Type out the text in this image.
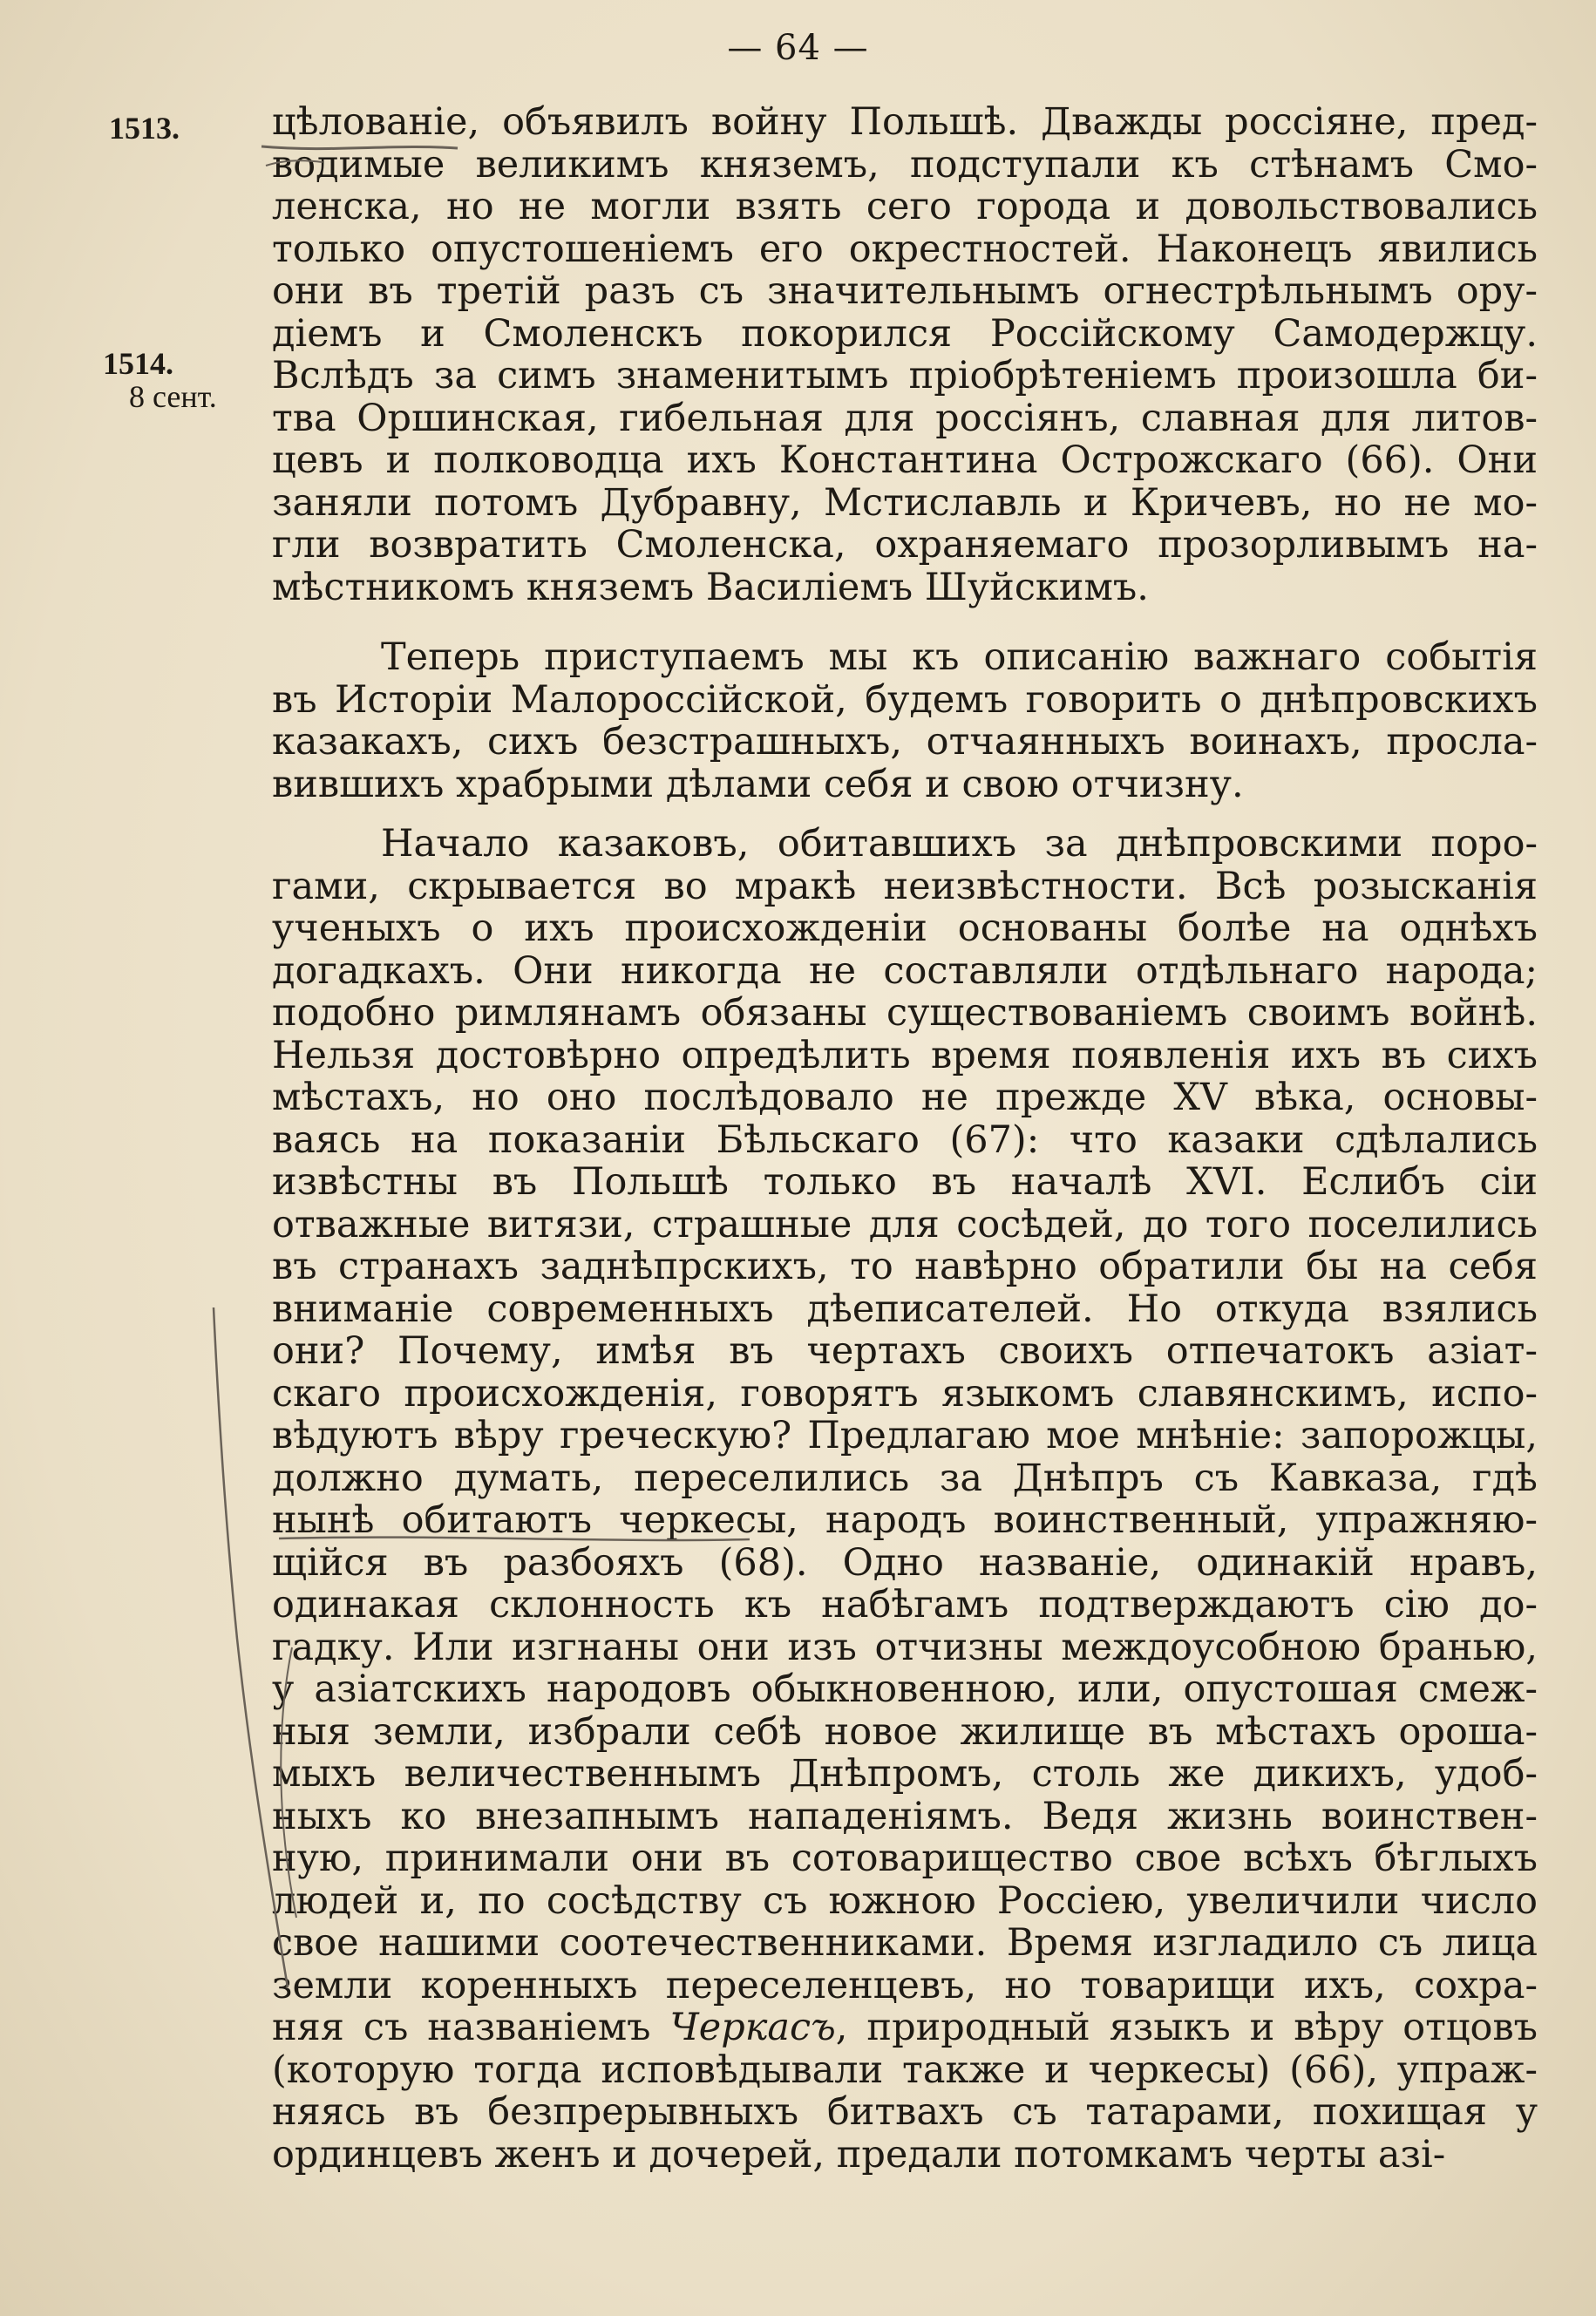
— 64 —
1513.
1514.
8 сент.
цѣлованіе, объявилъ войну Польшѣ. Дважды россіяне, пред-
водимые великимъ княземъ, подступали къ стѣнамъ Смо-
ленска, но не могли взять сего города и довольствовались
только опустошеніемъ его окрестностей. Наконецъ явились
они въ третій разъ съ значительнымъ огнестрѣльнымъ ору-
діемъ и Смоленскъ покорился Россійскому Самодержцу.
Вслѣдъ за симъ знаменитымъ пріобрѣтеніемъ произошла би-
тва Оршинская, гибельная для россіянъ, славная для литов-
цевъ и полководца ихъ Константина Острожскаго (66). Они
заняли потомъ Дубравну, Мстиславль и Кричевъ, но не мо-
гли возвратить Смоленска, охраняемаго прозорливымъ на-
мѣстникомъ княземъ Василіемъ Шуйскимъ.
Теперь приступаемъ мы къ описанію важнаго событія
въ Исторіи Малороссійской, будемъ говорить о днѣпровскихъ
казакахъ, сихъ безстрашныхъ, отчаянныхъ воинахъ, просла-
вившихъ храбрыми дѣлами себя и свою отчизну.
Начало казаковъ, обитавшихъ за днѣпровскими поро-
гами, скрывается во мракѣ неизвѣстности. Всѣ розысканія
ученыхъ о ихъ происхожденіи основаны болѣе на однѣхъ
догадкахъ. Они никогда не составляли отдѣльнаго народа;
подобно римлянамъ обязаны существованіемъ своимъ войнѣ.
Нельзя достовѣрно опредѣлить время появленія ихъ въ сихъ
мѣстахъ, но оно послѣдовало не прежде XV вѣка, основы-
ваясь на показаніи Бѣльскаго (67): что казаки сдѣлались
извѣстны въ Польшѣ только въ началѣ XVI. Еслибъ сіи
отважные витязи, страшные для сосѣдей, до того поселились
въ странахъ заднѣпрскихъ, то навѣрно обратили бы на себя
вниманіе современныхъ дѣеписателей. Но откуда взялись
они? Почему, имѣя въ чертахъ своихъ отпечатокъ азіат-
скаго происхожденія, говорятъ языкомъ славянскимъ, испо-
вѣдуютъ вѣру греческую? Предлагаю мое мнѣніе: запорожцы,
должно думать, переселились за Днѣпръ съ Кавказа, гдѣ
нынѣ обитаютъ черкесы, народъ воинственный, упражняю-
щійся въ разбояхъ (68). Одно названіе, одинакій нравъ,
одинакая склонность къ набѣгамъ подтверждаютъ сію до-
гадку. Или изгнаны они изъ отчизны междоусобною бранью,
у азіатскихъ народовъ обыкновенною, или, опустошая смеж-
ныя земли, избрали себѣ новое жилище въ мѣстахъ ороша-
мыхъ величественнымъ Днѣпромъ, столь же дикихъ, удоб-
ныхъ ко внезапнымъ нападеніямъ. Ведя жизнь воинствен-
ную, принимали они въ сотоварищество свое всѣхъ бѣглыхъ
людей и, по сосѣдству съ южною Россіею, увеличили число
свое нашими соотечественниками. Время изгладило съ лица
земли коренныхъ переселенцевъ, но товарищи ихъ, сохра-
няя съ названіемъ Черкасъ, природный языкъ и вѣру отцовъ
(которую тогда исповѣдывали также и черкесы) (66), упраж-
няясь въ безпрерывныхъ битвахъ съ татарами, похищая у
ординцевъ женъ и дочерей, предали потомкамъ черты азі-
